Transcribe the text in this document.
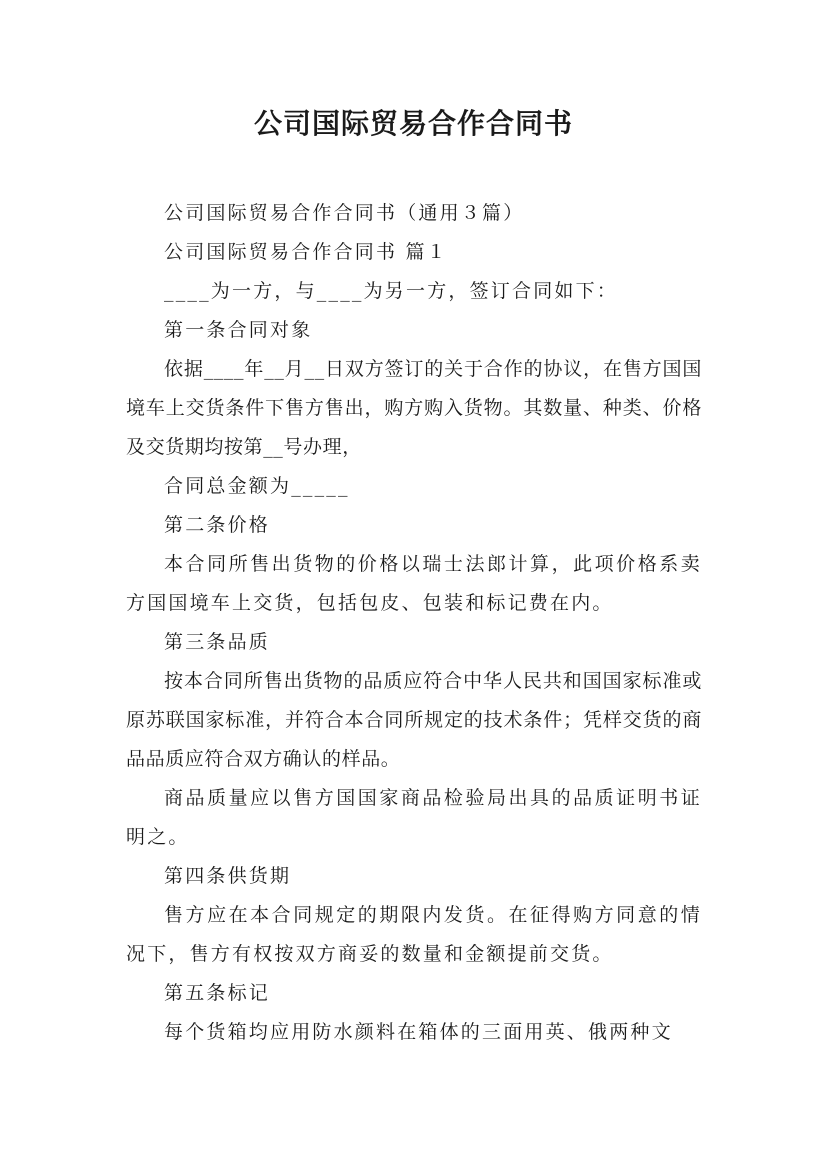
公司国际贸易合作合同书

公司国际贸易合作合同书（通用３篇）

公司国际贸易合作合同书 篇１

____为一方，与____为另一方，签订合同如下：

第一条合同对象

依据____年__月__日双方签订的关于合作的协议，在售方国国境车上交货条件下售方售出，购方购入货物。其数量、种类、价格及交货期均按第__号办理，

合同总金额为_____

第二条价格

本合同所售出货物的价格以瑞士法郎计算，此项价格系卖方国国境车上交货，包括包皮、包装和标记费在内。

第三条品质

按本合同所售出货物的品质应符合中华人民共和国国家标准或原苏联国家标准，并符合本合同所规定的技术条件；凭样交货的商品品质应符合双方确认的样品。

商品质量应以售方国国家商品检验局出具的品质证明书证明之。

第四条供货期

售方应在本合同规定的期限内发货。在征得购方同意的情况下，售方有权按双方商妥的数量和金额提前交货。

第五条标记

每个货箱均应用防水颜料在箱体的三面用英、俄两种文
